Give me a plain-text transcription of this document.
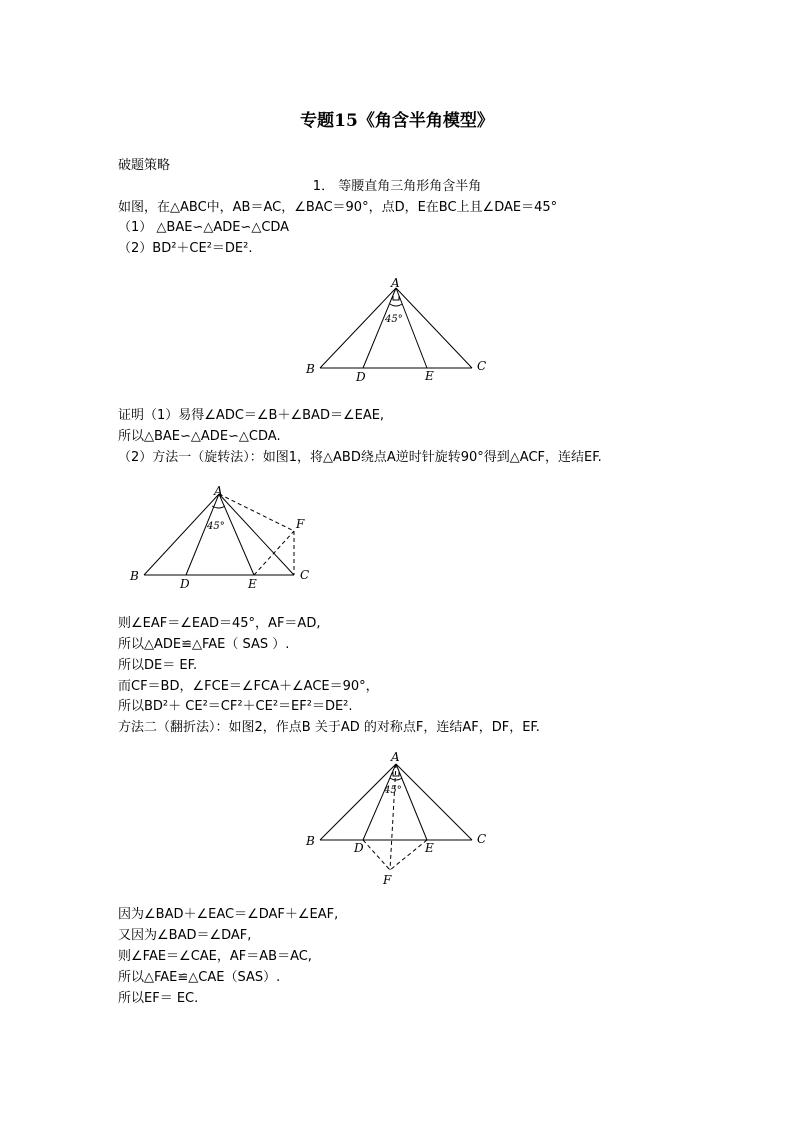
专题15《角含半角模型》
破题策略
1． 等腰直角三角形角含半角
如图，在△ABC中，AB＝AC，∠BAC＝90°，点D，E在BC上且∠DAE＝45°
（1） △BAE∽△ADE∽△CDA
（2）BD²＋CE²＝DE².
A
B	C
D	E
45°
证明（1）易得∠ADC＝∠B＋∠BAD＝∠EAE,
所以△BAE∽△ADE∽△CDA.
（2）方法一（旋转法）：如图1，将△ABD绕点A逆时针旋转90°得到△ACF，连结EF.
A
B	C
D	E
F
45°
则∠EAF＝∠EAD＝45°，AF＝AD,
所以△ADE≌△FAE（ SAS ）.
所以DE＝ EF.
而CF＝BD，∠FCE＝∠FCA＋∠ACE＝90°，
所以BD²＋ CE²＝CF²＋CE²＝EF²＝DE².
方法二（翻折法）：如图2，作点B 关于AD 的对称点F，连结AF，DF，EF.
A
B	C
D	E
F
45°
因为∠BAD＋∠EAC＝∠DAF＋∠EAF,
又因为∠BAD＝∠DAF,
则∠FAE＝∠CAE，AF＝AB＝AC,
所以△FAE≌△CAE（SAS）.
所以EF＝ EC.
